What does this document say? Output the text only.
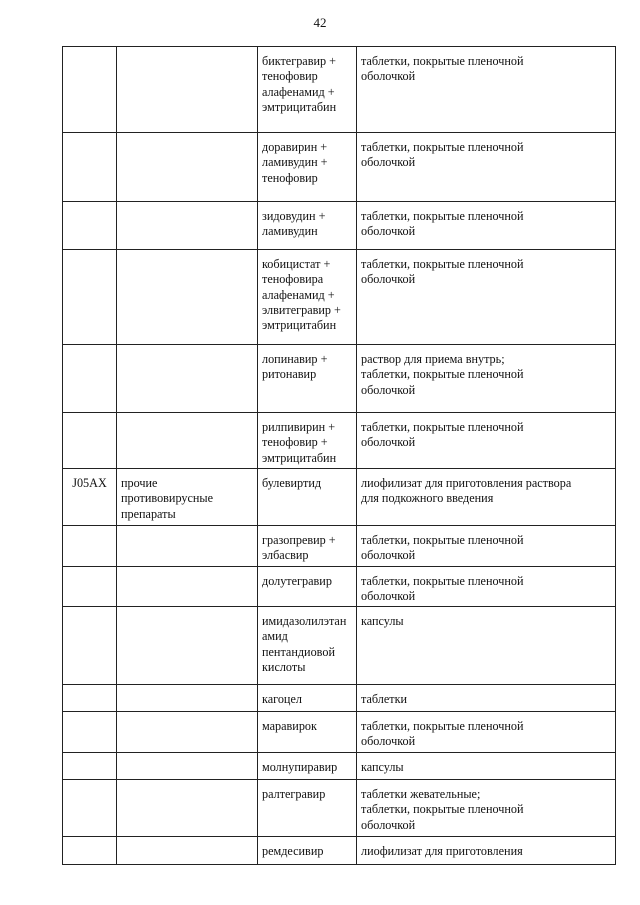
42
		биктегравир +
тенофовир
алафенамид +
эмтрицитабин	таблетки, покрытые пленочной
оболочкой
		доравирин +
ламивудин +
тенофовир	таблетки, покрытые пленочной
оболочкой
		зидовудин +
ламивудин	таблетки, покрытые пленочной
оболочкой
		кобицистат +
тенофовира
алафенамид +
элвитегравир +
эмтрицитабин	таблетки, покрытые пленочной
оболочкой
		лопинавир +
ритонавир	раствор для приема внутрь;
таблетки, покрытые пленочной
оболочкой
		рилпивирин +
тенофовир +
эмтрицитабин	таблетки, покрытые пленочной
оболочкой
J05AX	прочие
противовирусные
препараты	булевиртид	лиофилизат для приготовления раствора
для подкожного введения
		гразопревир +
элбасвир	таблетки, покрытые пленочной
оболочкой
		долутегравир	таблетки, покрытые пленочной
оболочкой
		имидазолилэтан
амид
пентандиовой
кислоты	капсулы
		кагоцел	таблетки
		маравирок	таблетки, покрытые пленочной
оболочкой
		молнупиравир	капсулы
		ралтегравир	таблетки жевательные;
таблетки, покрытые пленочной
оболочкой
		ремдесивир	лиофилизат для приготовления
